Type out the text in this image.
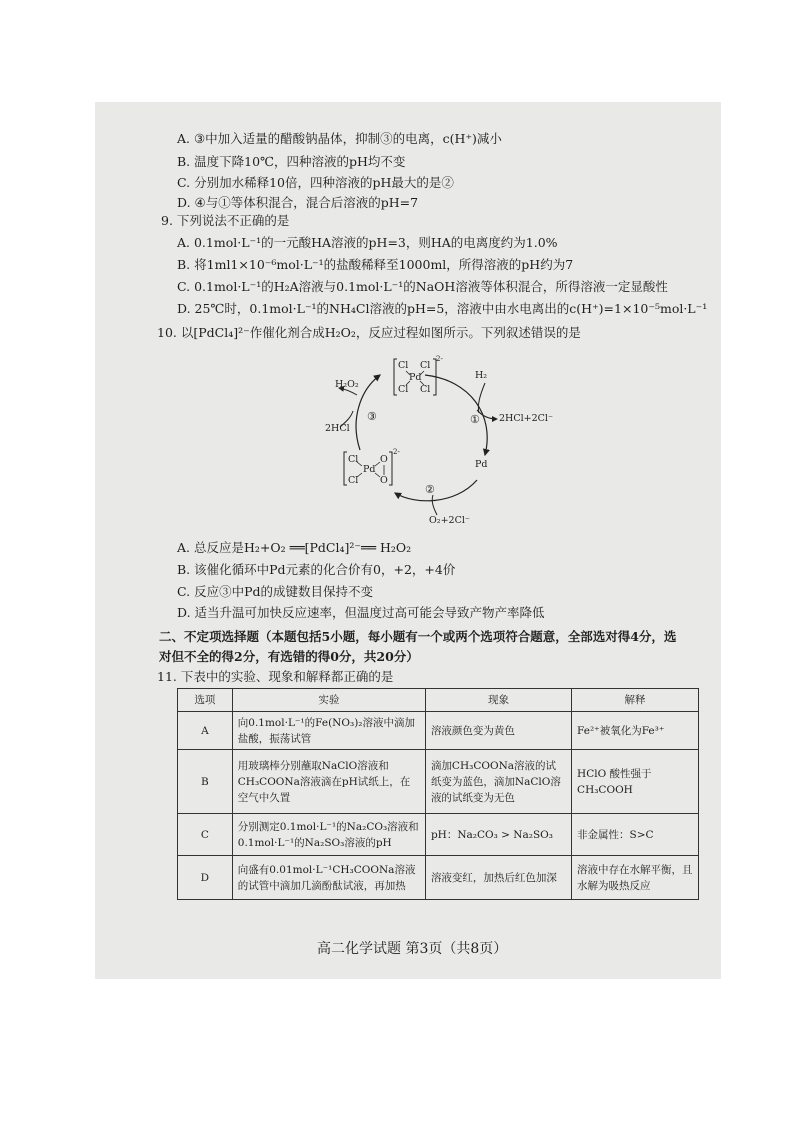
A. ③中加入适量的醋酸钠晶体，抑制③的电离，c(H⁺)减小
B. 温度下降10℃，四种溶液的pH均不变
C. 分别加水稀释10倍，四种溶液的pH最大的是②
D. ④与①等体积混合，混合后溶液的pH=7
9. 下列说法不正确的是
A. 0.1mol·L⁻¹的一元酸HA溶液的pH=3，则HA的电离度约为1.0%
B. 将1ml1×10⁻⁶mol·L⁻¹的盐酸稀释至1000ml，所得溶液的pH约为7
C. 0.1mol·L⁻¹的H₂A溶液与0.1mol·L⁻¹的NaOH溶液等体积混合，所得溶液一定显酸性
D. 25℃时，0.1mol·L⁻¹的NH₄Cl溶液的pH=5，溶液中由水电离出的c(H⁺)=1×10⁻⁵mol·L⁻¹
10. 以[PdCl₄]²⁻作催化剂合成H₂O₂，反应过程如图所示。下列叙述错误的是
A. 总反应是H₂+O₂ ══[PdCl₄]²⁻══ H₂O₂
B. 该催化循环中Pd元素的化合价有0，+2，+4价
C. 反应③中Pd的成键数目保持不变
D. 适当升温可加快反应速率，但温度过高可能会导致产物产率降低
二、不定项选择题（本题包括5小题，每小题有一个或两个选项符合题意，全部选对得4分，选
对但不全的得2分，有选错的得0分，共20分）
11. 下表中的实验、现象和解释都正确的是
Cl Cl
Pd
Cl Cl
2-
Cl
Cl
Pd
O
O
2-
H₂O₂
H₂
2HCl+2Cl⁻
2HCl
Pd
O₂+2Cl⁻
①
②
③
选项	实验	现象	解释
A	向0.1mol·L⁻¹的Fe(NO₃)₂溶液中滴加盐酸，振荡试管	溶液颜色变为黄色	Fe²⁺被氧化为Fe³⁺
B	用玻璃棒分别蘸取NaClO溶液和CH₃COONa溶液滴在pH试纸上，在空气中久置	滴加CH₃COONa溶液的试纸变为蓝色，滴加NaClO溶液的试纸变为无色	HClO 酸性强于CH₃COOH
C	分别测定0.1mol·L⁻¹的Na₂CO₃溶液和0.1mol·L⁻¹的Na₂SO₃溶液的pH	pH：Na₂CO₃ > Na₂SO₃	非金属性：S>C
D	向盛有0.01mol·L⁻¹CH₃COONa溶液的试管中滴加几滴酚酞试液，再加热	溶液变红，加热后红色加深	溶液中存在水解平衡，且水解为吸热反应
高二化学试题 第3页（共8页）
